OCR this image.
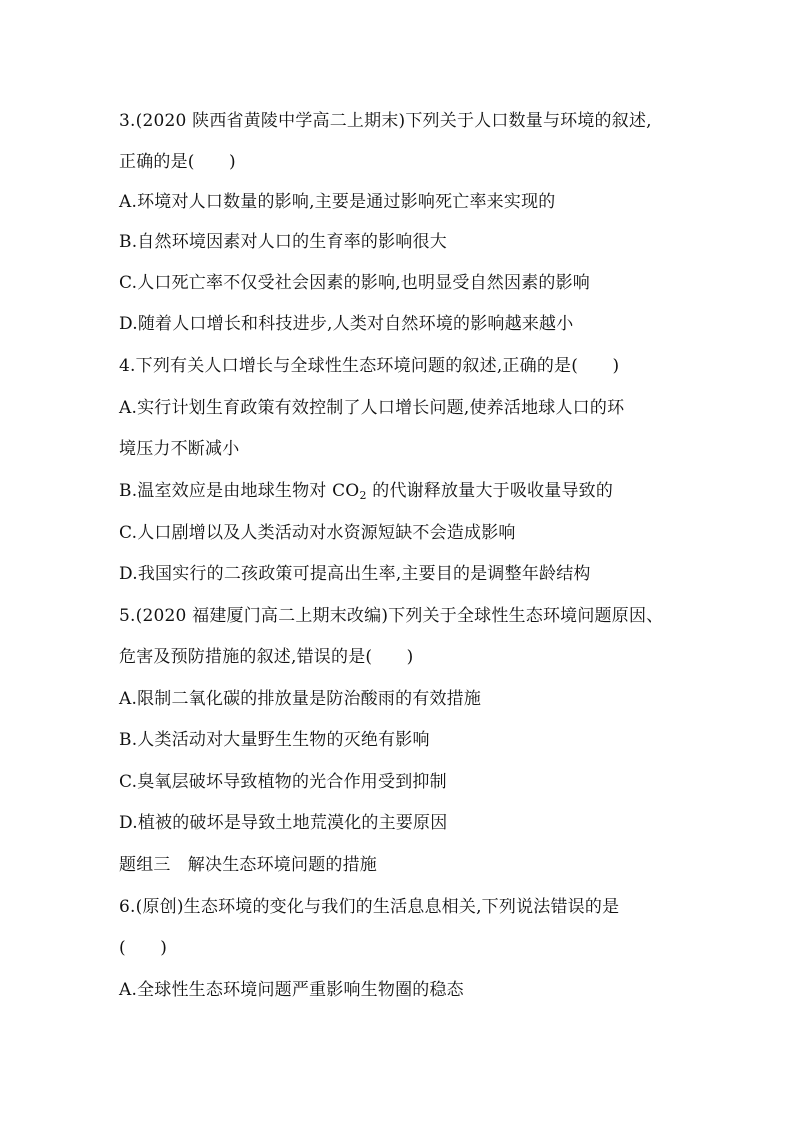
3.(2020 陕西省黄陵中学高二上期末)下列关于人口数量与环境的叙述,
正确的是(　　)
A.环境对人口数量的影响,主要是通过影响死亡率来实现的
B.自然环境因素对人口的生育率的影响很大
C.人口死亡率不仅受社会因素的影响,也明显受自然因素的影响
D.随着人口增长和科技进步,人类对自然环境的影响越来越小
4.下列有关人口增长与全球性生态环境问题的叙述,正确的是(　　)
A.实行计划生育政策有效控制了人口增长问题,使养活地球人口的环
境压力不断减小
B.温室效应是由地球生物对 $CO_2$ 的代谢释放量大于吸收量导致的
C.人口剧增以及人类活动对水资源短缺不会造成影响
D.我国实行的二孩政策可提高出生率,主要目的是调整年龄结构
5.(2020 福建厦门高二上期末改编)下列关于全球性生态环境问题原因、
危害及预防措施的叙述,错误的是(　　)
A.限制二氧化碳的排放量是防治酸雨的有效措施
B.人类活动对大量野生生物的灭绝有影响
C.臭氧层破坏导致植物的光合作用受到抑制
D.植被的破坏是导致土地荒漠化的主要原因
题组三　解决生态环境问题的措施
6.(原创)生态环境的变化与我们的生活息息相关,下列说法错误的是
(　　)
A.全球性生态环境问题严重影响生物圈的稳态
